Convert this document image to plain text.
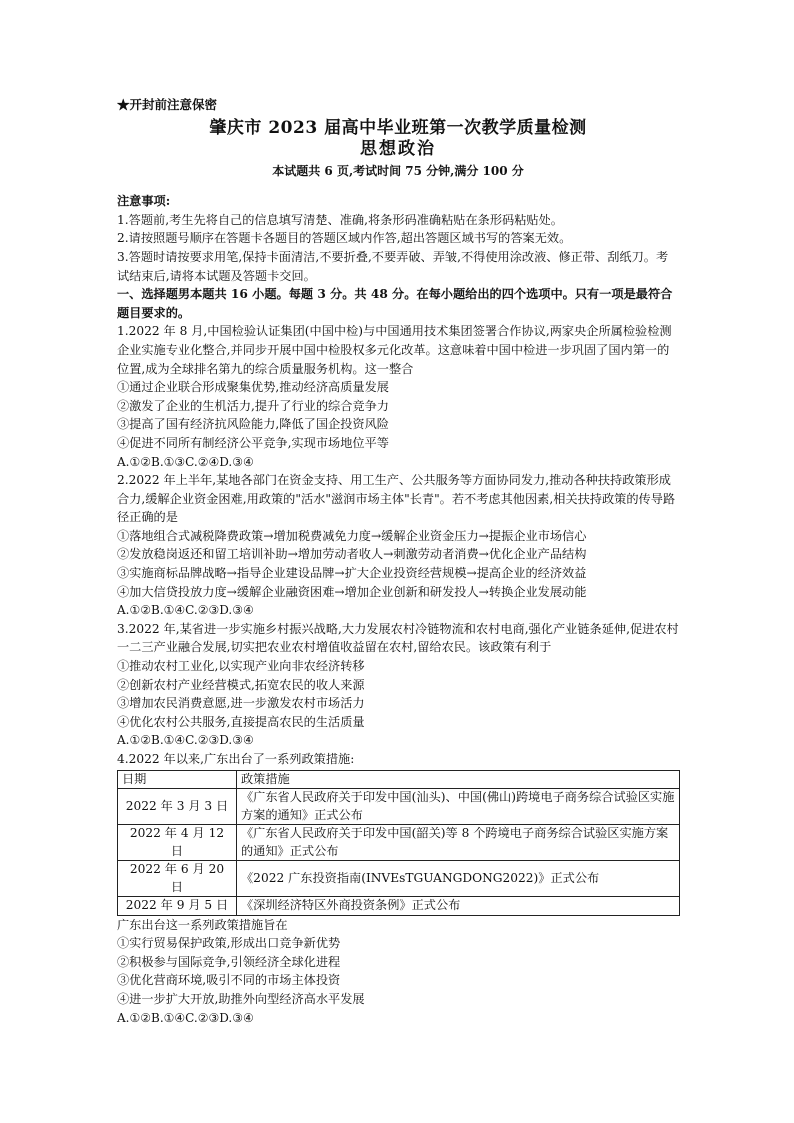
★开封前注意保密

肇庆市 2023 届高中毕业班第一次教学质量检测

思想政治

本试题共 6 页,考试时间 75 分钟,满分 100 分

注意事项:

1.答题前,考生先将自己的信息填写清楚、准确,将条形码准确粘贴在条形码粘贴处。

2.请按照题号顺序在答题卡各题目的答题区域内作答,超出答题区域书写的答案无效。

3.答题时请按要求用笔,保持卡面清洁,不要折叠,不要弄破、弄皱,不得使用涂改液、修正带、刮纸刀。考试结束后,请将本试题及答题卡交回。

一、选择题男本题共 16 小题。每题 3 分。共 48 分。在每小题给出的四个选项中。只有一项是最符合题目要求的。

1.2022 年 8 月,中国检验认证集团(中国中检)与中国通用技术集团签署合作协议,两家央企所属检验检测企业实施专业化整合,并同步开展中国中检股权多元化改革。这意味着中国中检进一步巩固了国内第一的位置,成为全球排名第九的综合质量服务机构。这一整合

①通过企业联合形成聚集优势,推动经济高质量发展

②激发了企业的生机活力,提升了行业的综合竞争力

③提高了国有经济抗风险能力,降低了国企投资风险

④促进不同所有制经济公平竞争,实现市场地位平等

A.①②B.①③C.②④D.③④

2.2022 年上半年,某地各部门在资金支持、用工生产、公共服务等方面协同发力,推动各种扶持政策形成合力,缓解企业资金困难,用政策的"活水"滋润市场主体"长青"。若不考虑其他因素,相关扶持政策的传导路径正确的是

①落地组合式减税降费政策→增加税费减免力度→缓解企业资金压力→提振企业市场信心

②发放稳岗返还和留工培训补助→增加劳动者收人→刺激劳动者消费→优化企业产品结构

③实施商标品牌战略→指导企业建设品牌→扩大企业投资经营规模→提高企业的经济效益

④加大信贷投放力度→缓解企业融资困难→增加企业创新和研发投人→转换企业发展动能

A.①②B.①④C.②③D.③④

3.2022 年,某省进一步实施乡村振兴战略,大力发展农村冷链物流和农村电商,强化产业链条延伸,促进农村一二三产业融合发展,切实把农业农村增值收益留在农村,留给农民。该政策有利于

①推动农村工业化,以实现产业向非农经济转移

②创新农村产业经营模式,拓宽农民的收人来源

③增加农民消费意愿,进一步激发农村市场活力

④优化农村公共服务,直接提高农民的生活质量

A.①②B.①④C.②③D.③④

4.2022 年以来,广东出台了一系列政策措施:

日期	政策措施
2022 年 3 月 3 日	《广东省人民政府关于印发中国(汕头)、中国(佛山)跨境电子商务综合试验区实施方案的通知》正式公布
2022 年 4 月 12 日	《广东省人民政府关于印发中国(韶关)等 8 个跨境电子商务综合试验区实施方案的通知》正式公布
2022 年 6 月 20 日	《2022 广东投资指南(INVEsTGUANGDONG2022)》正式公布
2022 年 9 月 5 日	《深圳经济特区外商投资条例》正式公布

广东出台这一系列政策措施旨在

①实行贸易保护政策,形成出口竞争新优势

②积极参与国际竞争,引领经济全球化进程

③优化营商环境,吸引不同的市场主体投资

④进一步扩大开放,助推外向型经济高水平发展

A.①②B.①④C.②③D.③④
